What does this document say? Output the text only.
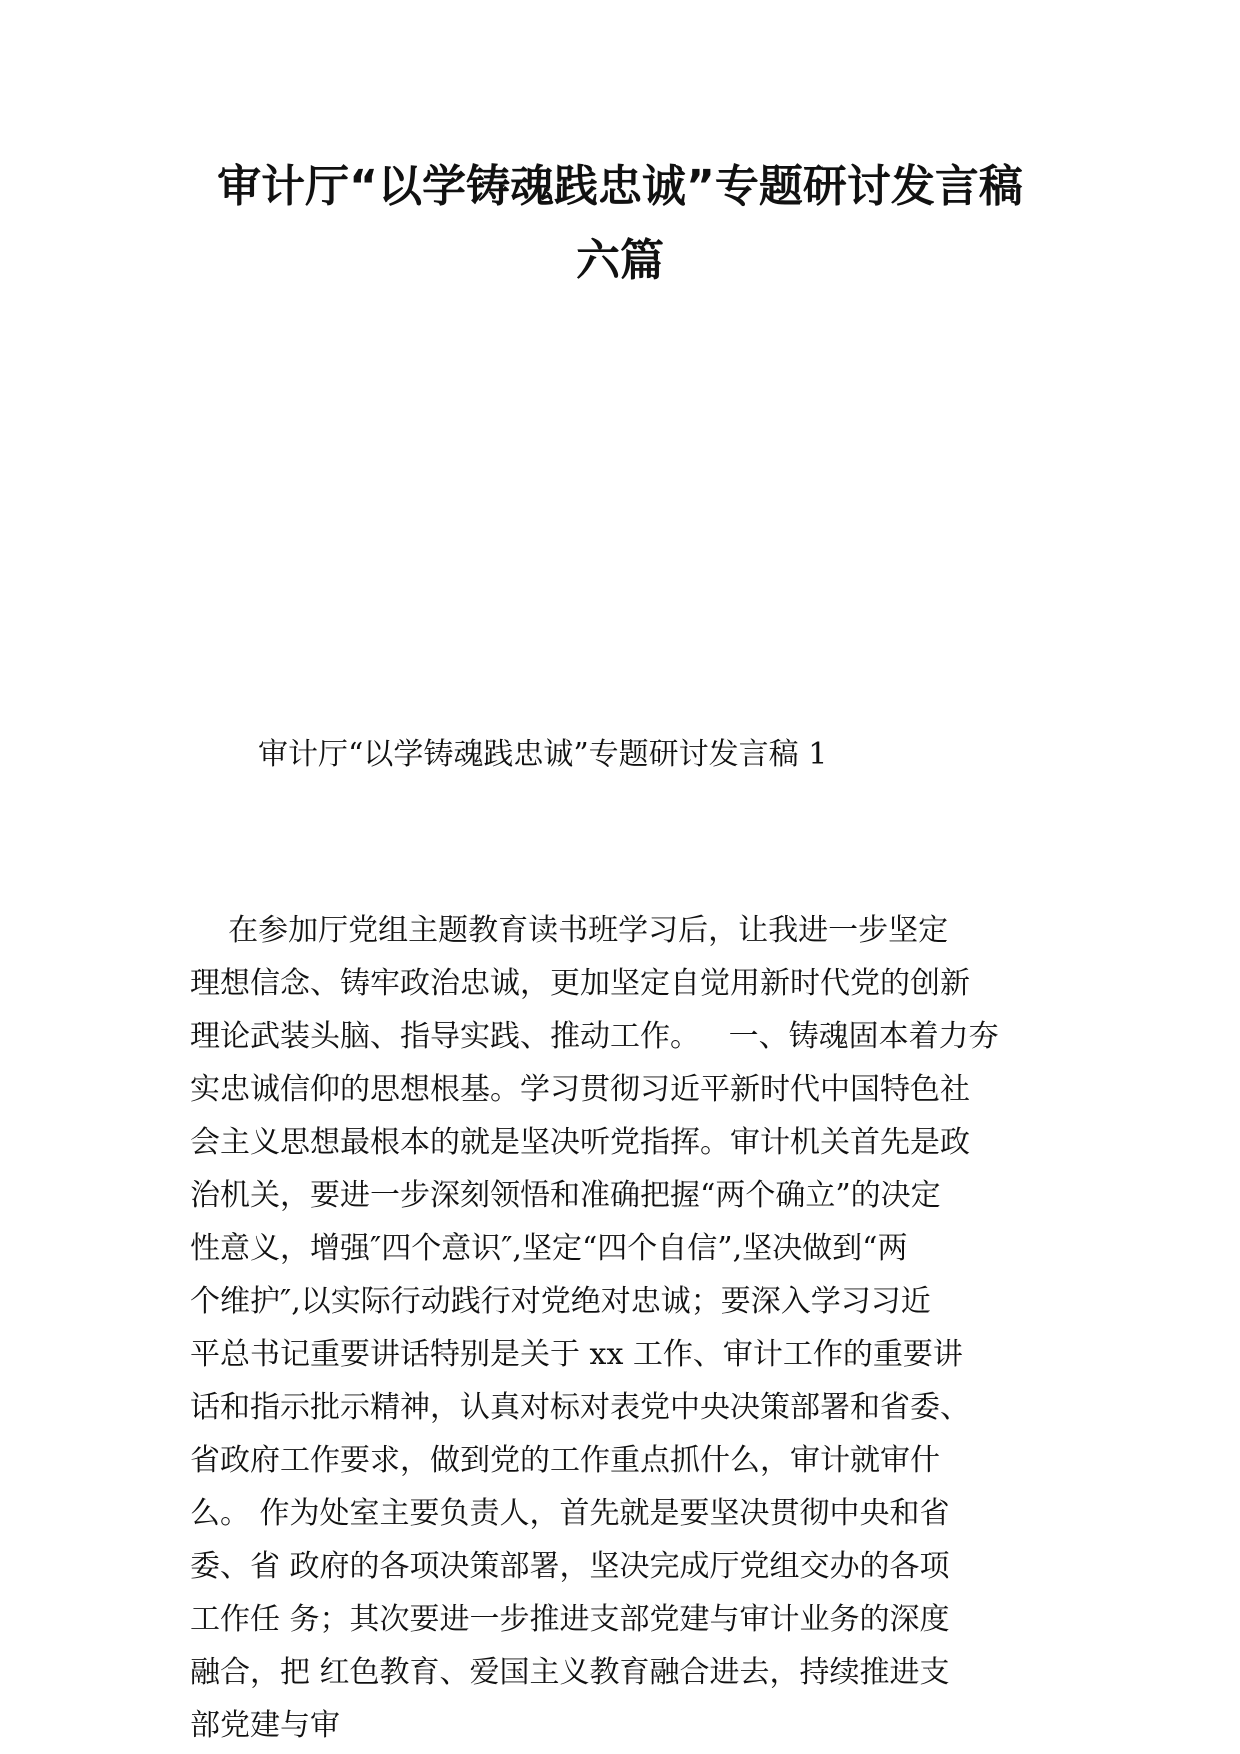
审计厅“以学铸魂践忠诚”专题研讨发言稿
六篇
审计厅“以学铸魂践忠诚”专题研讨发言稿 1
在参加厅党组主题教育读书班学习后，让我进一步坚定
理想信念、铸牢政治忠诚，更加坚定自觉用新时代党的创新
理论武装头脑、指导实践、推动工作。   一、铸魂固本着力夯
实忠诚信仰的思想根基。学习贯彻习近平新时代中国特色社
会主义思想最根本的就是坚决听党指挥。审计机关首先是政
治机关，要进一步深刻领悟和准确把握“两个确立”的决定
性意义，增强″四个意识″,坚定“四个自信”,坚决做到“两
个维护″,以实际行动践行对党绝对忠诚；要深入学习习近
平总书记重要讲话特别是关于 xx 工作、审计工作的重要讲
话和指示批示精神，认真对标对表党中央决策部署和省委、
省政府工作要求，做到党的工作重点抓什么，审计就审什
么。 作为处室主要负责人，首先就是要坚决贯彻中央和省
委、省 政府的各项决策部署，坚决完成厅党组交办的各项
工作任 务；其次要进一步推进支部党建与审计业务的深度
融合，把 红色教育、爱国主义教育融合进去，持续推进支
部党建与审
